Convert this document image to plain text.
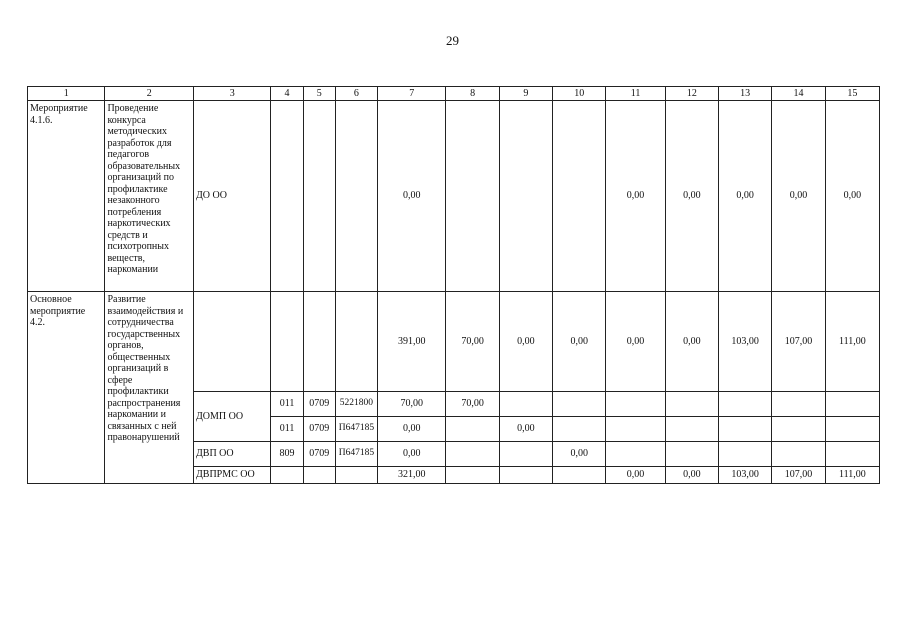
29
1	2	3	4	5	6	7	8	9	10	11	12	13	14	15
Мероприятие 4.1.6.	Проведение конкурса методических разработок для педагогов образовательных организаций по профилактике незаконного потребления наркотических средств и психотропных веществ, наркомании	ДО ОО				0,00				0,00	0,00	0,00	0,00	0,00
Основное мероприятие 4.2.	Развитие взаимодействия и сотрудничества государственных органов, общественных организаций в сфере профилактики распространения наркомании и связанных с ней правонарушений					391,00	70,00	0,00	0,00	0,00	0,00	103,00	107,00	111,00
		ДОМП ОО	011	0709	5221800	70,00	70,00							
			011	0709	П647185	0,00		0,00						
		ДВП ОО	809	0709	П647185	0,00			0,00					
		ДВПРМС ОО				321,00				0,00	0,00	103,00	107,00	111,00
